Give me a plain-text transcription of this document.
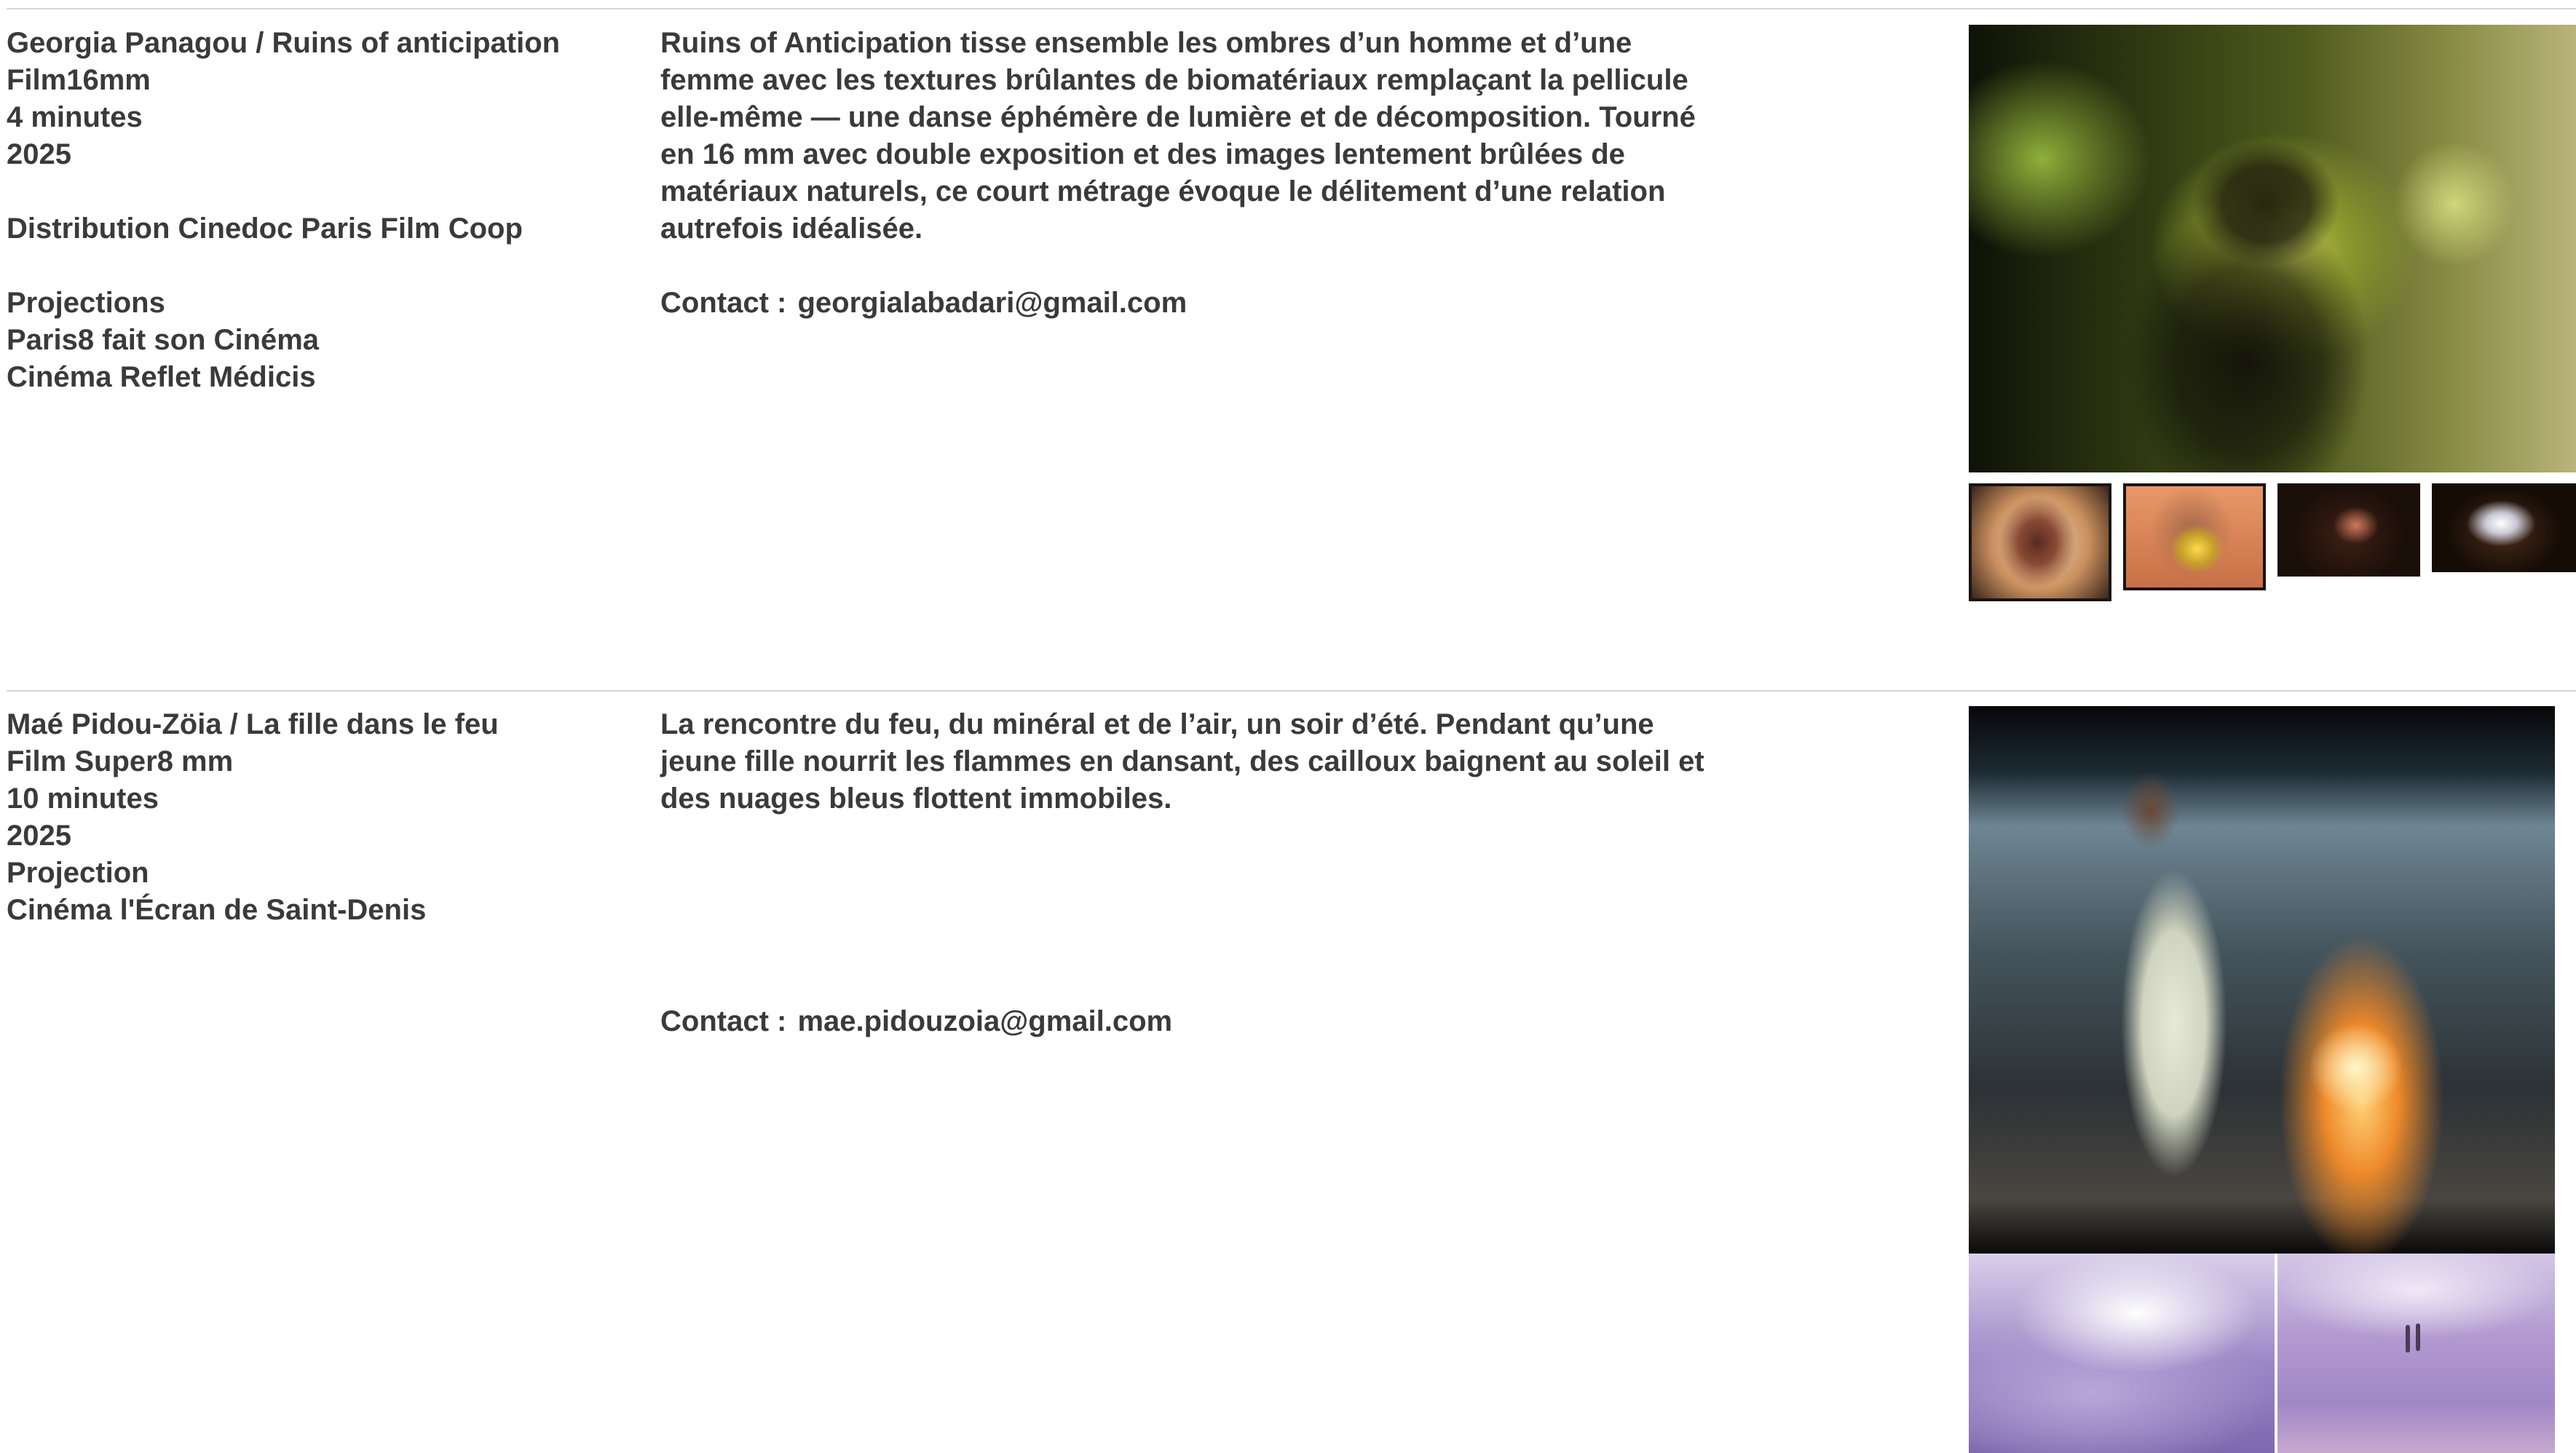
Georgia Panagou / Ruins of anticipation
Film16mm
4 minutes
2025
Distribution Cinedoc Paris Film Coop
Projections
Paris8 fait son Cinéma
Cinéma Reflet Médicis

Ruins of Anticipation tisse ensemble les ombres d’un homme et d’une femme avec les textures brûlantes de biomatériaux remplaçant la pellicule elle-même — une danse éphémère de lumière et de décomposition. Tourné en 16 mm avec double exposition et des images lentement brûlées de matériaux naturels, ce court métrage évoque le délitement d’une relation autrefois idéalisée.

Contact : georgialabadari@gmail.com
Maé Pidou-Zöia / La fille dans le feu
Film Super8 mm
10 minutes
2025
Projection
Cinéma l'Écran de Saint-Denis

La rencontre du feu, du minéral et de l’air, un soir d’été. Pendant qu’une jeune fille nourrit les flammes en dansant, des cailloux baignent au soleil et des nuages bleus flottent immobiles.

Contact : mae.pidouzoia@gmail.com
